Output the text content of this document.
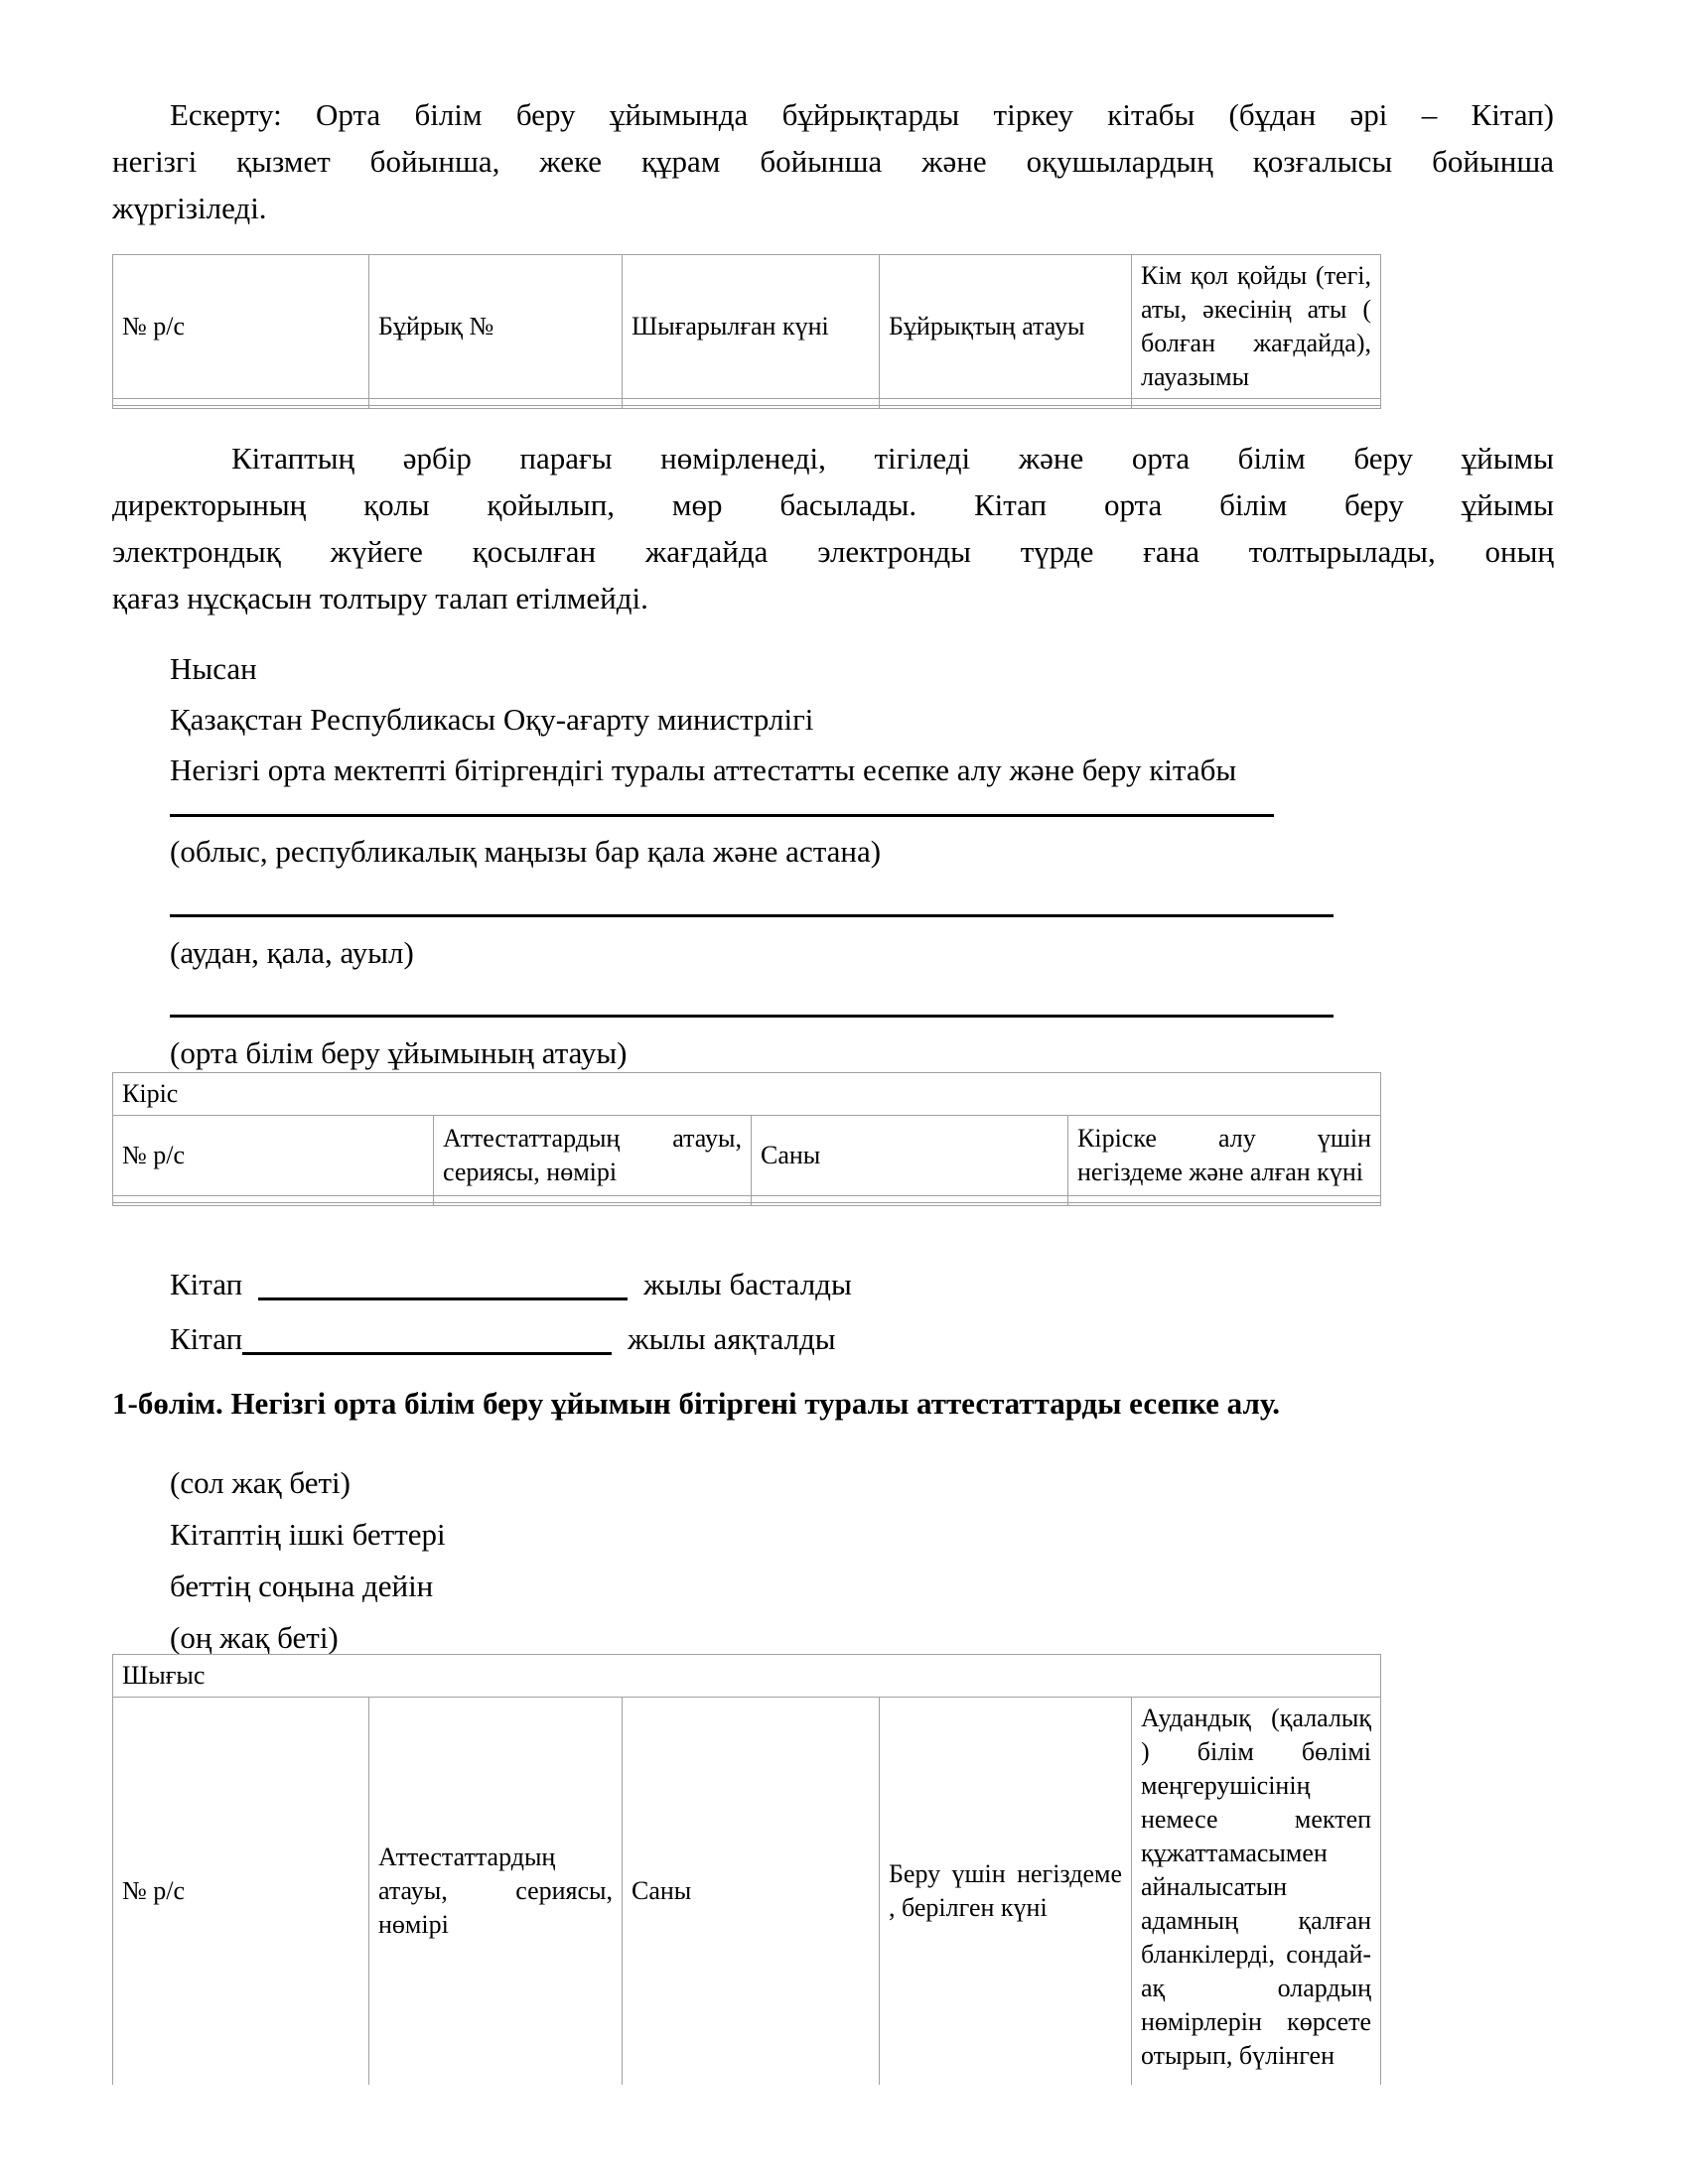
Ескерту: Орта білім беру ұйымында бұйрықтарды тіркеу кітабы (бұдан әрі – Кітап)
негізгі қызмет бойынша, жеке құрам бойынша және оқушылардың қозғалысы бойынша
жүргізіледі.
№ р/с	Бұйрық №	Шығарылған күні	Бұйрықтың атауы	Кім қол қойды (тегі, аты, әкесінің аты ( болған жағдайда), лауазымы

Кітаптың әрбір парағы нөмірленеді, тігіледі және орта білім беру ұйымы
директорының қолы қойылып, мөр басылады. Кітап орта білім беру ұйымы
электрондық жүйеге қосылған жағдайда электронды түрде ғана толтырылады, оның
қағаз нұсқасын толтыру талап етілмейді.
Нысан
Қазақстан Республикасы Оқу-ағарту министрлігі
Негізгі орта мектепті бітіргендігі туралы аттестатты есепке алу және беру кітабы
(облыс, республикалық маңызы бар қала және астана)
(аудан, қала, ауыл)
(орта білім беру ұйымының атауы)
Кіріс			
№ р/с	Аттестаттардың атауы, сериясы, нөмірі	Саны	Кіріске алу үшін негіздеме және алған күні

Кітап	жылы басталды
Кітап	жылы аяқталды
1-бөлім. Негізгі орта білім беру ұйымын бітіргені туралы аттестаттарды есепке алу.
(сол жақ беті)
Кітаптің ішкі беттері
беттің соңына дейін
(оң жақ беті)
Шығыс
№ р/с	Аттестаттардың атауы, сериясы, нөмірі	Саны	Беру үшін негіздеме , берілген күні	Аудандық (қалалық ) білім бөлімі меңгерушісінің немесе мектеп құжаттамасымен айналысатын адамның қалған бланкілерді, сондай-ақ олардың нөмірлерін көрсете отырып, бүлінген
